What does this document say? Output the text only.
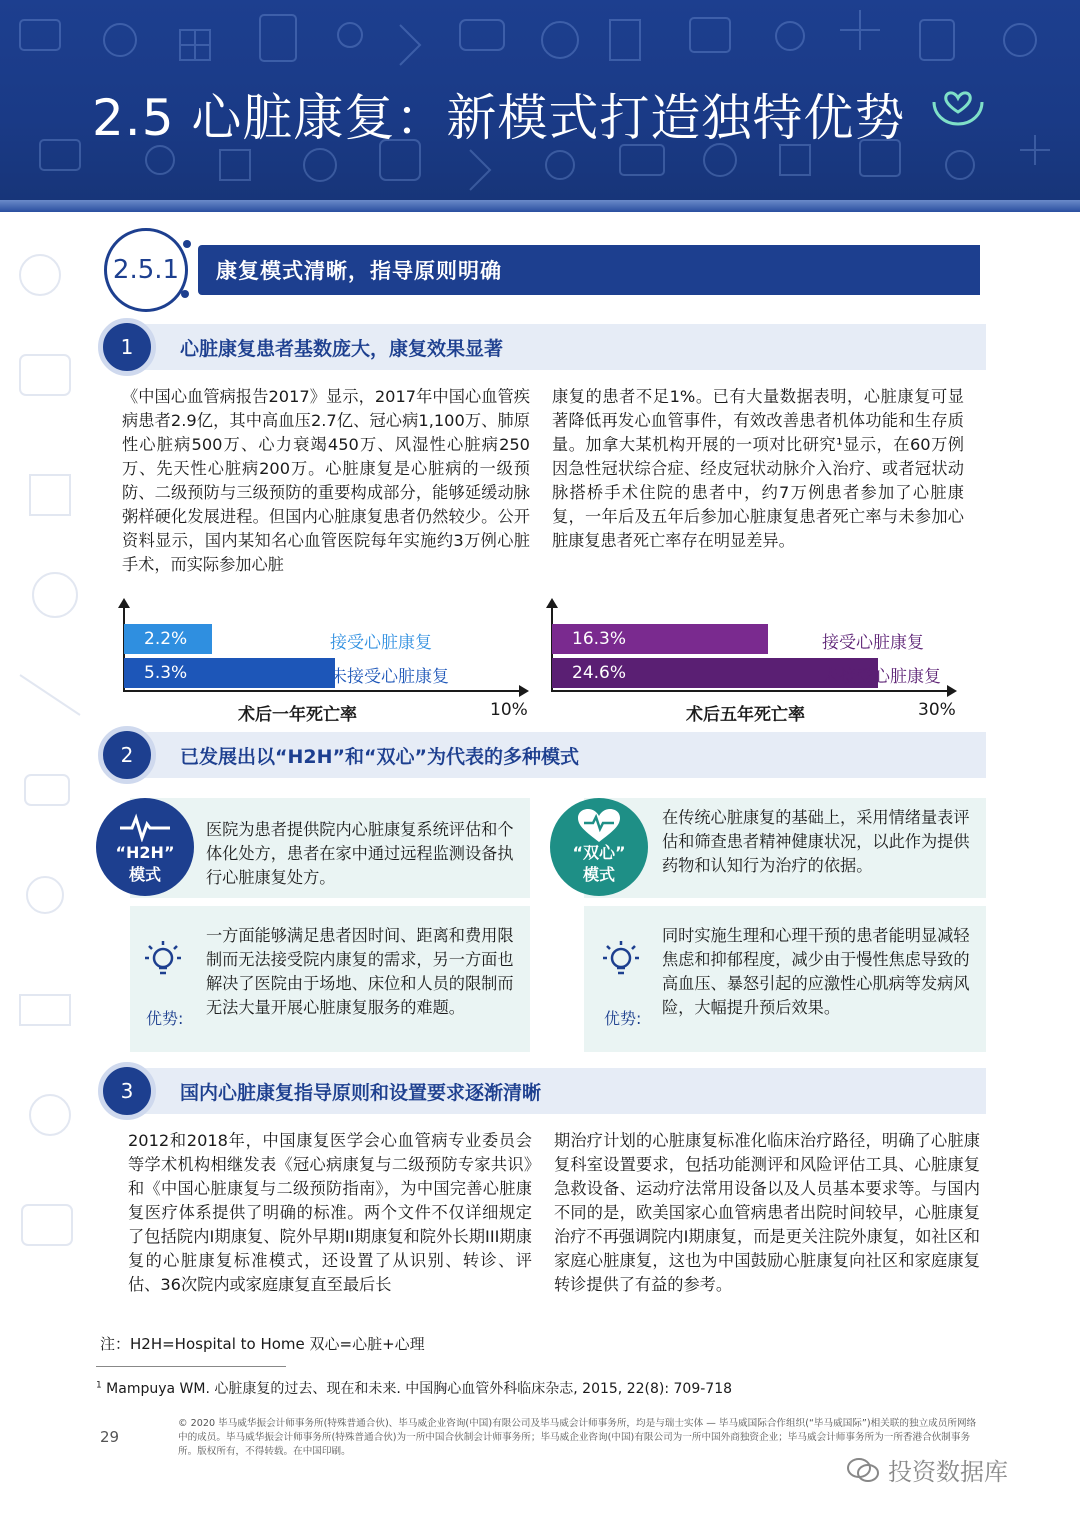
2.5 心脏康复：新模式打造独特优势
2.5.1	康复模式清晰，指导原则明确
心脏康复患者基数庞大，康复效果显著
1
《中国心血管病报告2017》显示，2017年中国心血管疾病患者2.9亿，其中高血压2.7亿、冠心病1,100万、肺原性心脏病500万、心力衰竭450万、风湿性心脏病250万、先天性心脏病200万。心脏康复是心脏病的一级预防、二级预防与三级预防的重要构成部分，能够延缓动脉粥样硬化发展进程。但国内心脏康复患者仍然较少。公开资料显示，国内某知名心血管医院每年实施约3万例心脏手术，而实际参加心脏
康复的患者不足1%。已有大量数据表明，心脏康复可显著降低再发心血管事件，有效改善患者机体功能和生存质量。加拿大某机构开展的一项对比研究¹显示，在60万例因急性冠状综合症、经皮冠状动脉介入治疗、或者冠状动脉搭桥手术住院的患者中，约7万例患者参加了心脏康复，一年后及五年后参加心脏康复患者死亡率与未参加心脏康复患者死亡率存在明显差异。
2.2%
5.3%
接受心脏康复
未接受心脏康复
术后一年死亡率	10%
16.3%
24.6%
接受心脏康复
未接受心脏康复
术后五年死亡率	30%
已发展出以“H2H”和“双心”为代表的多种模式
2
“H2H”
模式
医院为患者提供院内心脏康复系统评估和个体化处方，患者在家中通过远程监测设备执行心脏康复处方。
优势:
一方面能够满足患者因时间、距离和费用限制而无法接受院内康复的需求，另一方面也解决了医院由于场地、床位和人员的限制而无法大量开展心脏康复服务的难题。
“双心”
模式
在传统心脏康复的基础上，采用情绪量表评估和筛查患者精神健康状况，以此作为提供药物和认知行为治疗的依据。
优势:
同时实施生理和心理干预的患者能明显减轻焦虑和抑郁程度，减少由于慢性焦虑导致的高血压、暴怒引起的应激性心肌病等发病风险，大幅提升预后效果。
国内心脏康复指导原则和设置要求逐渐清晰
3
2012和2018年，中国康复医学会心血管病专业委员会等学术机构相继发表《冠心病康复与二级预防专家共识》和《中国心脏康复与二级预防指南》，为中国完善心脏康复医疗体系提供了明确的标准。两个文件不仅详细规定了包括院内I期康复、院外早期II期康复和院外长期III期康复的心脏康复标准模式，还设置了从识别、转诊、评估、36次院内或家庭康复直至最后长
期治疗计划的心脏康复标准化临床治疗路径，明确了心脏康复科室设置要求，包括功能测评和风险评估工具、心脏康复急救设备、运动疗法常用设备以及人员基本要求等。与国内不同的是，欧美国家心血管病患者出院时间较早，心脏康复治疗不再强调院内I期康复，而是更关注院外康复，如社区和家庭心脏康复，这也为中国鼓励心脏康复向社区和家庭康复转诊提供了有益的参考。
注：H2H=Hospital to Home 双心=心脏+心理
$^1$ Mampuya WM. 心脏康复的过去、现在和未来. 中国胸心血管外科临床杂志, 2015, 22(8): 709-718
29
© 2020 毕马威华振会计师事务所(特殊普通合伙)、毕马威企业咨询(中国)有限公司及毕马威会计师事务所，均是与瑞士实体 — 毕马威国际合作组织(“毕马威国际”)相关联的独立成员所网络中的成员。毕马威华振会计师事务所(特殊普通合伙)为一所中国合伙制会计师事务所；毕马威企业咨询(中国)有限公司为一所中国外商独资企业；毕马威会计师事务所为一所香港合伙制事务所。版权所有，不得转载。在中国印刷。
投资数据库
